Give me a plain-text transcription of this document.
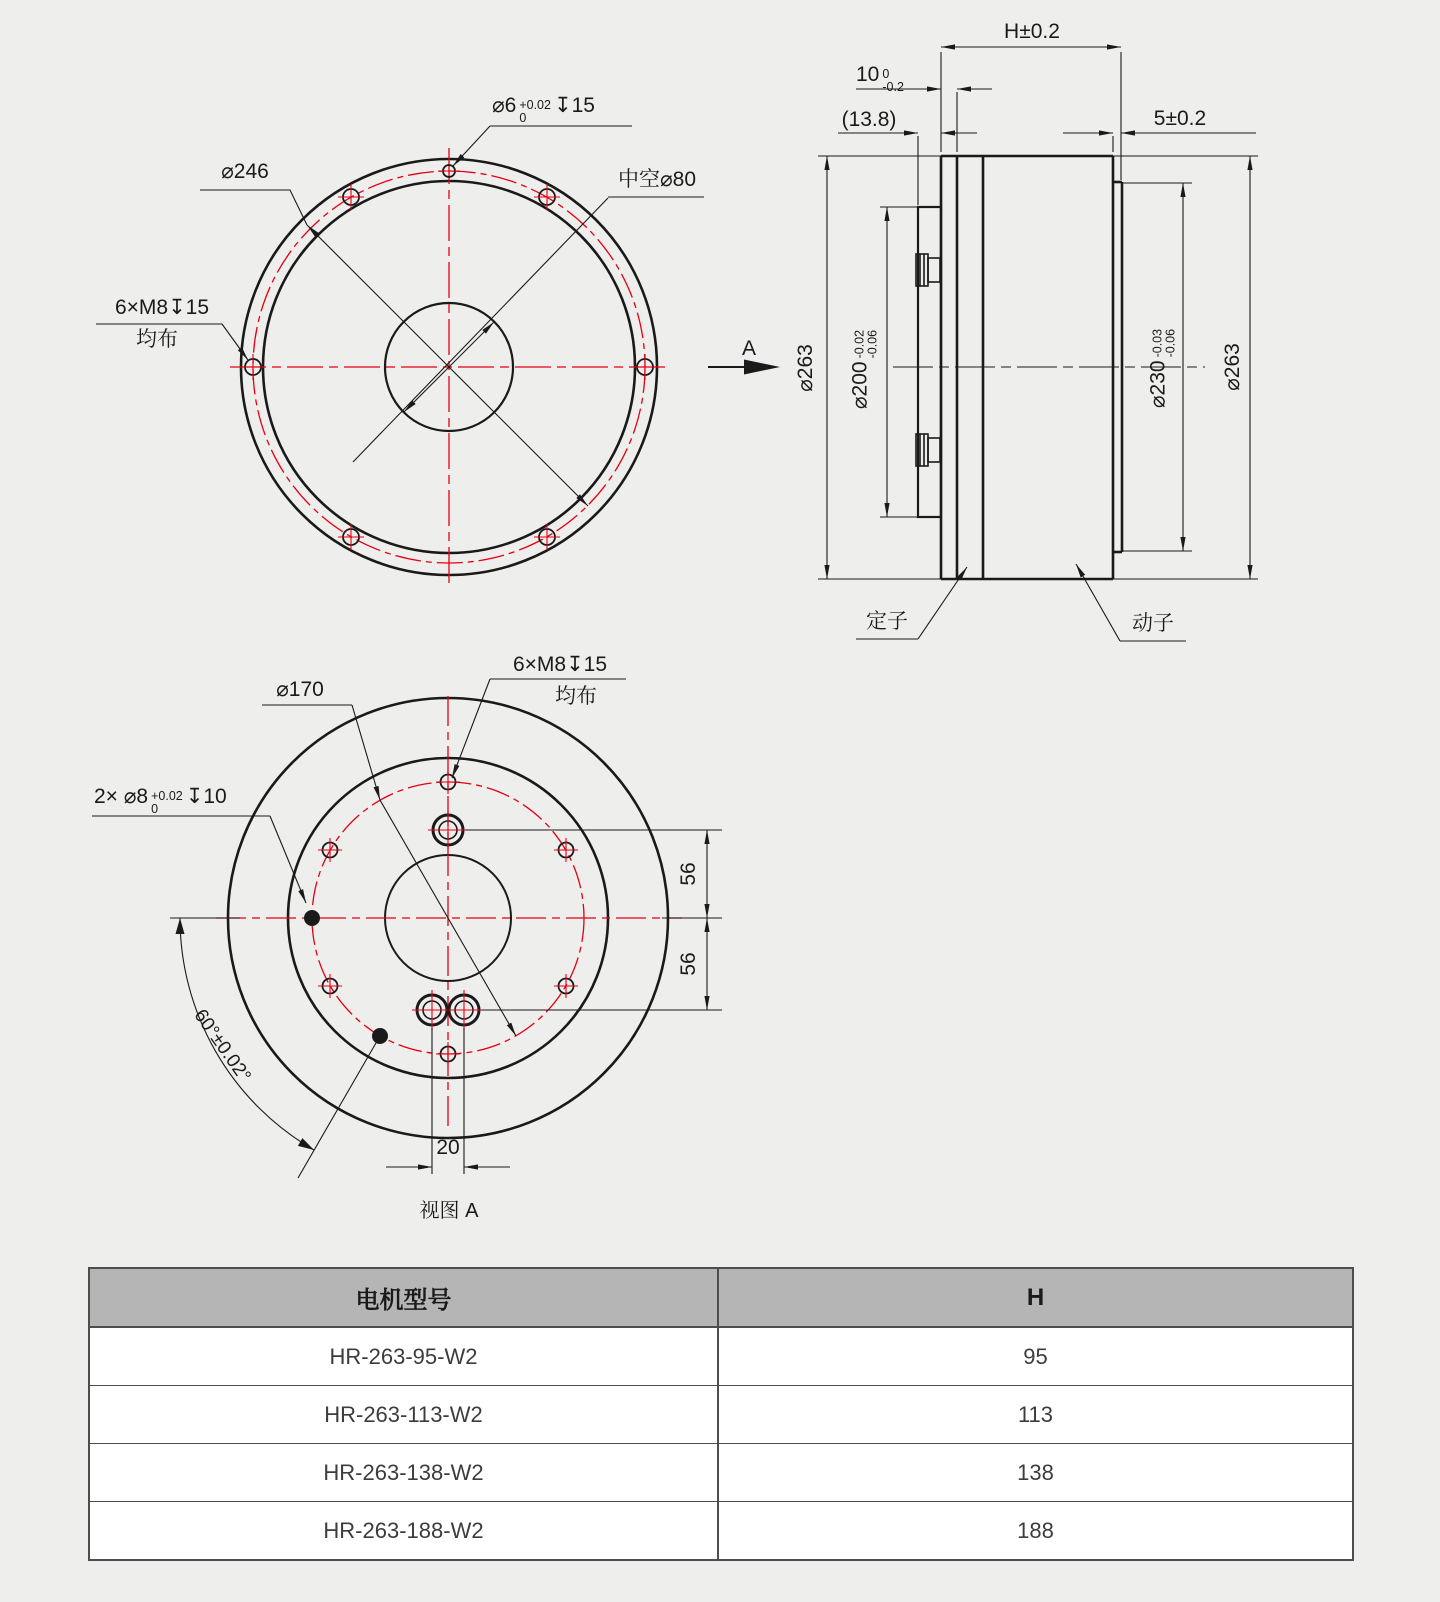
⌀6 +0.02
0
↧15
⌀246	中空⌀80
6×M8↧15
均布
H±0.2
10 0
-0.2
(13.8)	5±0.2
⌀263 ⌀200
-0.02 -0.06
⌀230
-0.03 -0.06 ⌀263
定子	动子
A
⌀170
6×M8↧15
均布
2× ⌀8 +0.02
0
↧10
56
56
20
60°±0.02°
视图 A
电机型号	H
HR-263-95-W2	95
HR-263-113-W2	113
HR-263-138-W2	138
HR-263-188-W2	188
